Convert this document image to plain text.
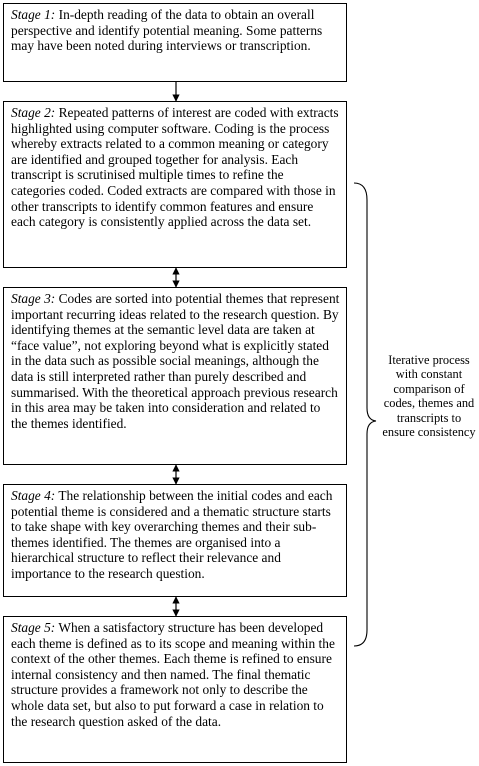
Stage 1: In-depth reading of the data to obtain an overall perspective and identify potential meaning. Some patterns may have been noted during interviews or transcription.
Stage 2: Repeated patterns of interest are coded with extracts highlighted using computer software. Coding is the process whereby extracts related to a common meaning or category are identified and grouped together for analysis. Each transcript is scrutinised multiple times to refine the categories coded. Coded extracts are compared with those in other transcripts to identify common features and ensure each category is consistently applied across the data set.
Stage 3: Codes are sorted into potential themes that represent important recurring ideas related to the research question. By identifying themes at the semantic level data are taken at “face value”, not exploring beyond what is explicitly stated in the data such as possible social meanings, although the data is still interpreted rather than purely described and summarised. With the theoretical approach previous research in this area may be taken into consideration and related to the themes identified.
Stage 4: The relationship between the initial codes and each potential theme is considered and a thematic structure starts to take shape with key overarching themes and their sub-themes identified. The themes are organised into a hierarchical structure to reflect their relevance and importance to the research question.
Stage 5: When a satisfactory structure has been developed each theme is defined as to its scope and meaning within the context of the other themes. Each theme is refined to ensure internal consistency and then named. The final thematic structure provides a framework not only to describe the whole data set, but also to put forward a case in relation to the research question asked of the data.
Iterative process with constant comparison of codes, themes and transcripts to ensure consistency
